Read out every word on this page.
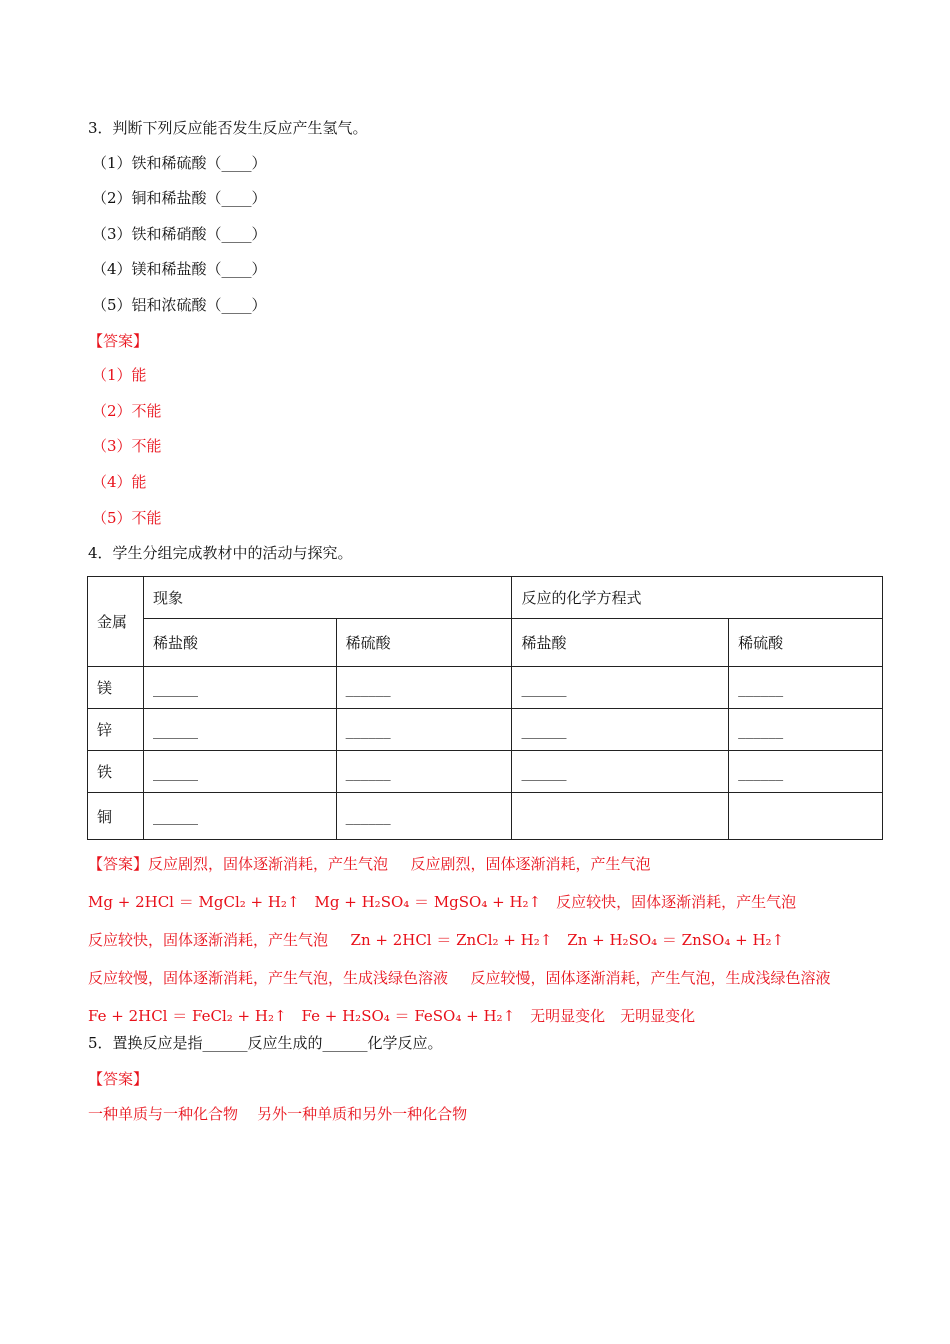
3．判断下列反应能否发生反应产生氢气。
（1）铁和稀硫酸（____）
（2）铜和稀盐酸（____）
（3）铁和稀硝酸（____）
（4）镁和稀盐酸（____）
（5）铝和浓硫酸（____）
【答案】
（1）能
（2）不能
（3）不能
（4）能
（5）不能
4．学生分组完成教材中的活动与探究。
金属	现象		反应的化学方程式	
	稀盐酸	稀硫酸	稀盐酸	稀硫酸
镁	______	______	______	______
锌	______	______	______	______
铁	______	______	______	______
铜	______	______		
【答案】反应剧烈，固体逐渐消耗，产生气泡   反应剧烈，固体逐渐消耗，产生气泡  Mg + 2HCl ＝ MgCl₂ + H₂↑  Mg + H₂SO₄ ＝ MgSO₄ + H₂↑  反应较快，固体逐渐消耗，产生气泡  反应较快，固体逐渐消耗，产生气泡   Zn + 2HCl ＝ ZnCl₂ + H₂↑  Zn + H₂SO₄ ＝ ZnSO₄ + H₂↑ 反应较慢，固体逐渐消耗，产生气泡，生成浅绿色溶液   反应较慢，固体逐渐消耗，产生气泡，生成浅绿色溶液  Fe + 2HCl ＝ FeCl₂ + H₂↑  Fe + H₂SO₄ ＝ FeSO₄ + H₂↑  无明显变化  无明显变化
5．置换反应是指______反应生成的______化学反应。
【答案】
一种单质与一种化合物    另外一种单质和另外一种化合物
